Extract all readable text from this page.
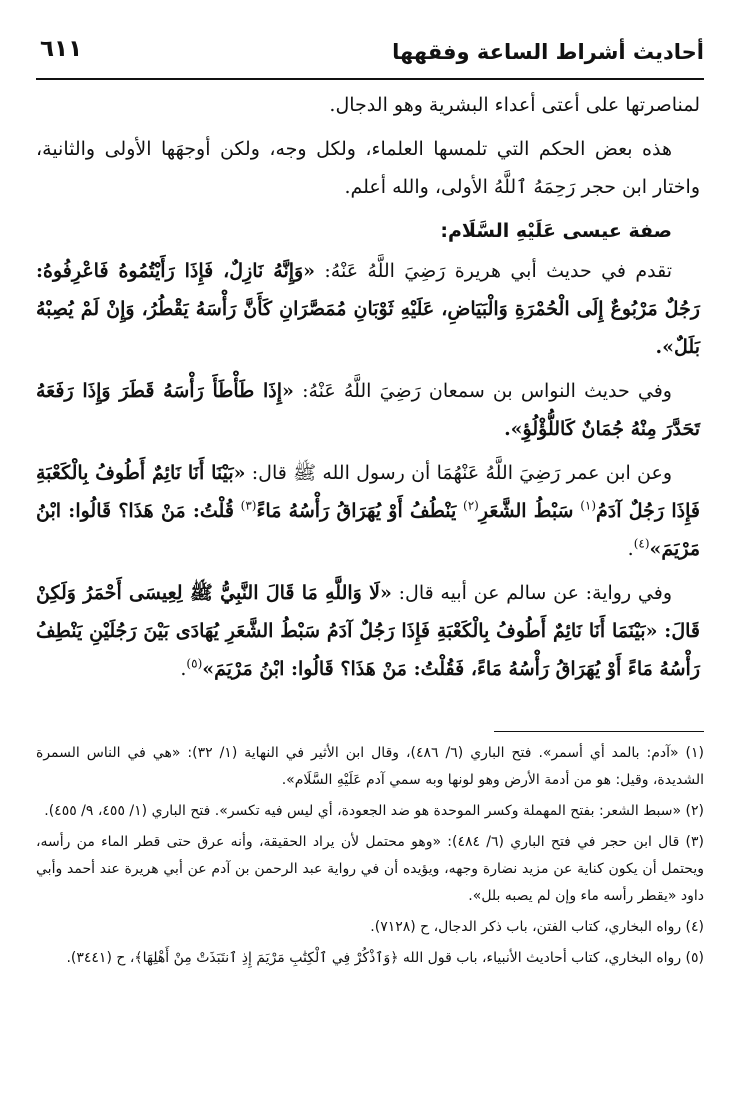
أحاديث أشراط الساعة وفقهها
٦١١

لمناصرتها على أعتى أعداء البشرية وهو الدجال.

هذه بعض الحكم التي تلمسها العلماء، ولكل وجه، ولكن أوجهَها الأولى والثانية، واختار ابن حجر رَحِمَهُ ٱللَّهُ الأولى، والله أعلم.

صفة عيسى عَلَيْهِ السَّلَام:

تقدم في حديث أبي هريرة رَضِيَ اللَّهُ عَنْهُ: «وَإِنَّهُ نَازِلٌ، فَإِذَا رَأَيْتُمُوهُ فَاعْرِفُوهُ: رَجُلٌ مَرْبُوعٌ إِلَى الْحُمْرَةِ وَالْبَيَاضِ، عَلَيْهِ ثَوْبَانِ مُمَصَّرَانِ كَأَنَّ رَأْسَهُ يَقْطُرُ، وَإِنْ لَمْ يُصِبْهُ بَلَلٌ».

وفي حديث النواس بن سمعان رَضِيَ اللَّهُ عَنْهُ: «إِذَا طَأْطَأَ رَأْسَهُ قَطَرَ وَإِذَا رَفَعَهُ تَحَدَّرَ مِنْهُ جُمَانٌ كَاللُّؤْلُؤِ».

وعن ابن عمر رَضِيَ اللَّهُ عَنْهُمَا أن رسول الله ﷺ قال: «بَيْنَا أَنَا نَائِمٌ أَطُوفُ بِالْكَعْبَةِ فَإِذَا رَجُلٌ آدَمُ$^{(١)}$ سَبْطُ الشَّعَرِ$^{(٢)}$ يَنْطُفُ أَوْ يُهَرَاقُ رَأْسُهُ مَاءً$^{(٣)}$ قُلْتُ: مَنْ هَذَا؟ قَالُوا: ابْنُ مَرْيَمَ»$^{(٤)}$.

وفي رواية: عن سالم عن أبيه قال: «لَا وَاللَّهِ مَا قَالَ النَّبِيُّ ﷺ لِعِيسَى أَحْمَرُ وَلَكِنْ قَالَ: «بَيْنَمَا أَنَا نَائِمٌ أَطُوفُ بِالْكَعْبَةِ فَإِذَا رَجُلٌ آدَمُ سَبْطُ الشَّعَرِ يُهَادَى بَيْنَ رَجُلَيْنِ يَنْطِفُ رَأْسُهُ مَاءً أَوْ يُهَرَاقُ رَأْسُهُ مَاءً، فَقُلْتُ: مَنْ هَذَا؟ قَالُوا: ابْنُ مَرْيَمَ»$^{(٥)}$.

(١) «آدم: بالمد أي أسمر». فتح الباري (٦/ ٤٨٦)، وقال ابن الأثير في النهاية (١/ ٣٢): «هي في الناس السمرة الشديدة، وقيل: هو من أدمة الأرض وهو لونها وبه سمي آدم عَلَيْهِ السَّلَام».

(٢) «سبط الشعر: بفتح المهملة وكسر الموحدة هو ضد الجعودة، أي ليس فيه تكسر». فتح الباري (١/ ٤٥٥، ٩/ ٤٥٥).

(٣) قال ابن حجر في فتح الباري (٦/ ٤٨٤): «وهو محتمل لأن يراد الحقيقة، وأنه عرق حتى قطر الماء من رأسه، ويحتمل أن يكون كناية عن مزيد نضارة وجهه، ويؤيده أن في رواية عبد الرحمن بن آدم عن أبي هريرة عند أحمد وأبي داود «يقطر رأسه ماء وإن لم يصبه بلل».

(٤) رواه البخاري، كتاب الفتن، باب ذكر الدجال، ح (٧١٢٨).

(٥) رواه البخاري، كتاب أحاديث الأنبياء، باب قول الله ﴿وَٱذْكُرْ فِي ٱلْكِتَٰبِ مَرْيَمَ إِذِ ٱنتَبَذَتْ مِنْ أَهْلِهَا﴾، ح (٣٤٤١).
